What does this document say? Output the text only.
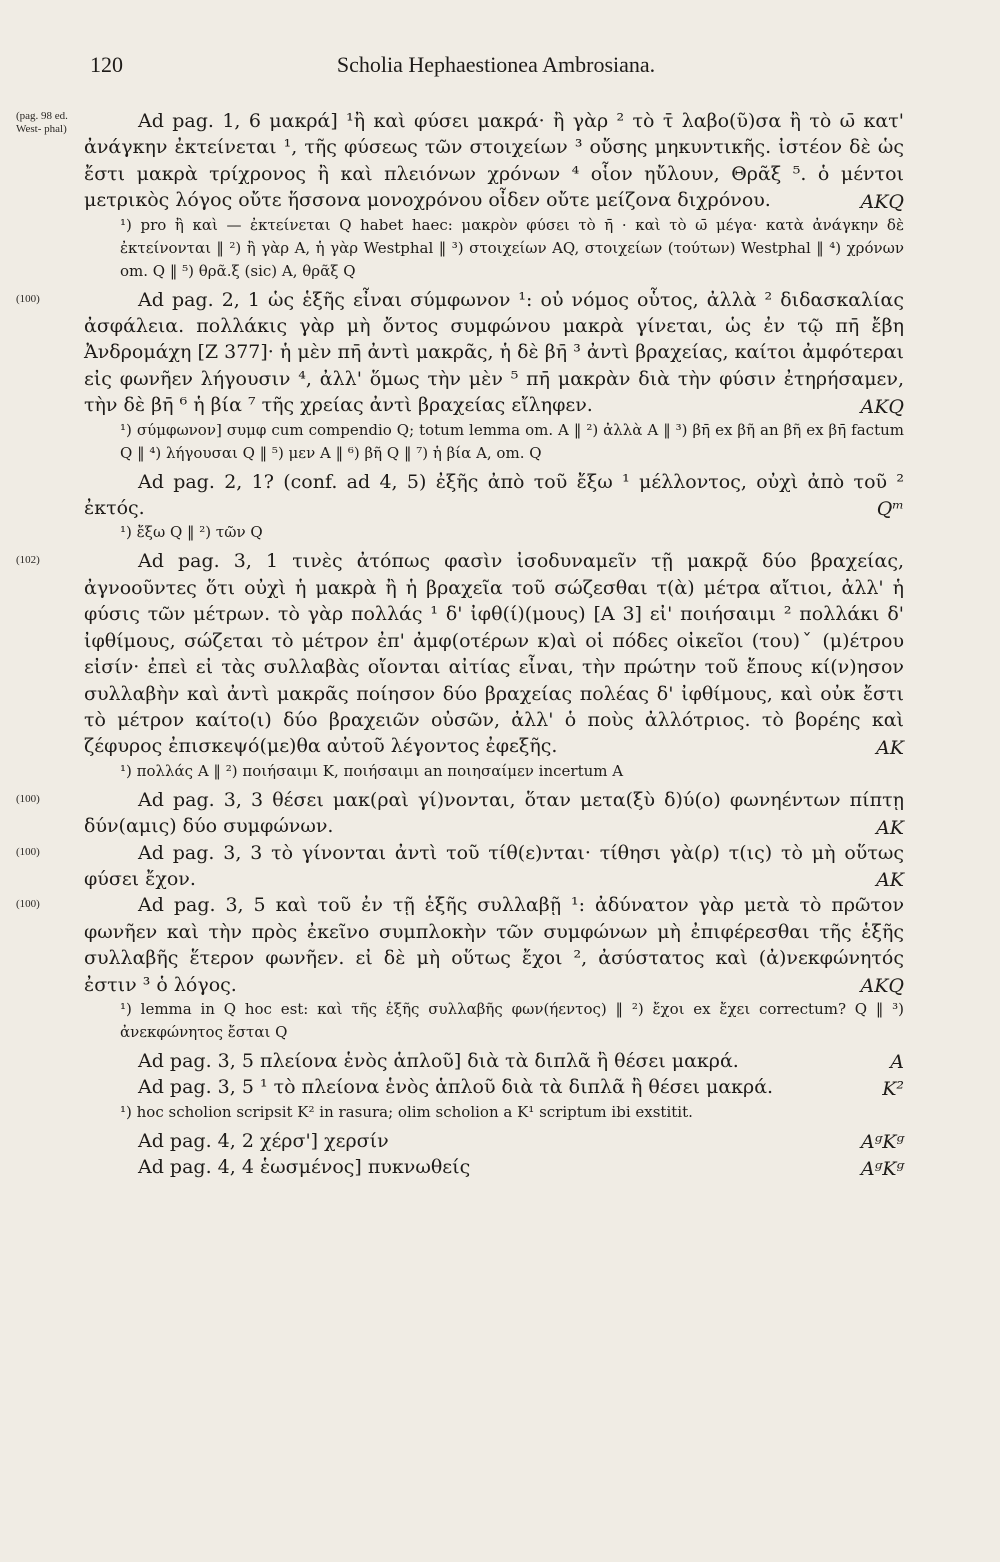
120	Scholia Hephaestionea Ambrosiana.
(pag. 98 ed. West- phal)	Ad pag. 1, 6 μακρά] ¹ἢ καὶ φύσει μακρά· ἢ γὰρ ² τὸ τ̄ λαβο(ῦ)σα ἢ τὸ ω̄ κατ' ἀνάγκην ἐκτείνεται ¹, τῆς φύσεως τῶν στοιχείων ³ οὔσης μηκυντικῆς. ἰστέον δὲ ὡς ἔστι μακρὰ τρίχρονος ἢ καὶ πλειόνων χρόνων ⁴ οἷον ηὔλουν, Θρᾶξ ⁵. ὁ μέντοι μετρικὸς λόγος οὔτε ἥσσονα μονοχρόνου οἶδεν οὔτε μείζονα διχρόνου.	AKQ

¹) pro ἢ καὶ — ἐκτείνεται Q habet haec: μακρὸν φύσει τὸ η̄ · καὶ τὸ ω̄ μέγα· κατὰ ἀνάγκην δὲ ἐκτείνονται ‖ ²) ἢ γὰρ A, ἡ γὰρ Westphal ‖ ³) στοιχείων AQ, στοιχείων (τούτων) Westphal ‖ ⁴) χρόνων om. Q ‖ ⁵) θρᾶ.ξ (sic) A, θρᾶξ Q

(100)	Ad pag. 2, 1 ὡς ἑξῆς εἶναι σύμφωνον ¹: οὐ νόμος οὗτος, ἀλλὰ ² διδασκαλίας ἀσφάλεια. πολλάκις γὰρ μὴ ὄντος συμφώνου μακρὰ γίνεται, ὡς ἐν τῷ πη̄ ἔβη Ἀνδρομάχη [Z 377]· ἡ μὲν πη̄ ἀντὶ μακρᾶς, ἡ δὲ βη̄ ³ ἀντὶ βραχείας, καίτοι ἀμφότεραι εἰς φωνῆεν λήγουσιν ⁴, ἀλλ' ὅμως τὴν μὲν ⁵ πη̄ μακρὰν διὰ τὴν φύσιν ἐτηρήσαμεν, τὴν δὲ βη̄ ⁶ ἡ βία ⁷ τῆς χρείας ἀντὶ βραχείας εἴληφεν.	AKQ

¹) σύμφωνον] συμφ cum compendio Q; totum lemma om. A ‖ ²) ἀλλὰ A ‖ ³) βη̄ ex βῆ an βῆ ex βη̄ factum Q ‖ ⁴) λήγουσαι Q ‖ ⁵) μεν A ‖ ⁶) βῆ Q ‖ ⁷) ἡ βία A, om. Q

Ad pag. 2, 1? (conf. ad 4, 5) ἐξῆς ἀπὸ τοῦ ἔξω ¹ μέλλοντος, οὐχὶ ἀπὸ τοῦ ² ἐκτός.	Qᵐ

¹) ἔξω Q ‖ ²) τῶν Q

(102)	Ad pag. 3, 1 τινὲς ἀτόπως φασὶν ἰσοδυναμεῖν τῇ μακρᾷ δύο βραχείας, ἀγνοοῦντες ὅτι οὐχὶ ἡ μακρὰ ἢ ἡ βραχεῖα τοῦ σώζεσθαι τ(ὰ) μέτρα αἴτιοι, ἀλλ' ἡ φύσις τῶν μέτρων. τὸ γὰρ πολλάς ¹ δ' ἰφθ(ί)(μους) [A 3] εἰ' ποιήσαιμι ² πολλάκι δ' ἰφθίμους, σώζεται τὸ μέτρον ἐπ' ἀμφ(οτέρων κ)αὶ οἱ πόδες οἰκεῖοι (του)ˇ (μ)έτρου εἰσίν· ἐπεὶ εἰ τὰς συλλαβὰς οἴονται αἰτίας εἶναι, τὴν πρώτην τοῦ ἔπους κί(ν)ησον συλλαβὴν καὶ ἀντὶ μακρᾶς ποίησον δύο βραχείας πολέας δ' ἰφθίμους, καὶ οὐκ ἔστι τὸ μέτρον καίτο(ι) δύο βραχειῶν οὐσῶν, ἀλλ' ὁ ποὺς ἀλλότριος. τὸ βορέης καὶ ζέφυρος ἐπισκεψό(με)θα αὐτοῦ λέγοντος ἐφεξῆς.	AK

¹) πολλάς A ‖ ²) ποιήσαιμι K, ποιήσαιμι an ποιησαίμεν incertum A

(100)	Ad pag. 3, 3 θέσει μακ(ραὶ γί)νονται, ὅταν μετα(ξὺ δ)ύ(ο) φωνηέντων πίπτῃ δύν(αμις) δύο συμφώνων.	AK
(100)	Ad pag. 3, 3 τὸ γίνονται ἀντὶ τοῦ τίθ(ε)νται· τίθησι γὰ(ρ) τ(ις) τὸ μὴ οὕτως φύσει ἔχον.	AK
(100)	Ad pag. 3, 5 καὶ τοῦ ἐν τῇ ἑξῆς συλλαβῇ ¹: ἀδύνατον γὰρ μετὰ τὸ πρῶτον φωνῆεν καὶ τὴν πρὸς ἐκεῖνο συμπλοκὴν τῶν συμφώνων μὴ ἐπιφέρεσθαι τῆς ἑξῆς συλλαβῆς ἕτερον φωνῆεν. εἰ δὲ μὴ οὕτως ἔχοι ², ἀσύστατος καὶ (ἀ)νεκφώνητός ἐστιν ³ ὁ λόγος.	AKQ

¹) lemma in Q hoc est: καὶ τῆς ἑξῆς συλλαβῆς φων(ήεντος) ‖ ²) ἔχοι ex ἔχει correctum? Q ‖ ³) ἀνεκφώνητος ἔσται Q

Ad pag. 3, 5 πλείονα ἑνὸς ἁπλοῦ] διὰ τὰ διπλᾶ ἢ θέσει μακρά.	A

Ad pag. 3, 5 ¹ τὸ πλείονα ἑνὸς ἁπλοῦ διὰ τὰ διπλᾶ ἢ θέσει μακρά.	K²

¹) hoc scholion scripsit K² in rasura; olim scholion a K¹ scriptum ibi exstitit.

Ad pag. 4, 2 χέρσ'] χερσίν	AᵍKᵍ

Ad pag. 4, 4 ἑωσμένος] πυκνωθείς	AᵍKᵍ
